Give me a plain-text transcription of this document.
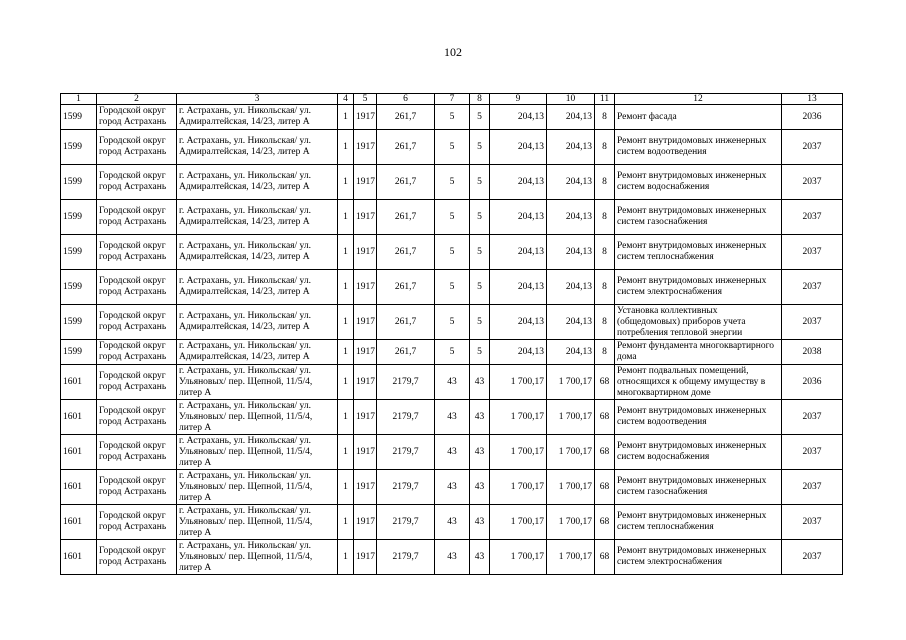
102
1	2	3	4	5	6	7	8	9	10	11	12	13
1599	Городской округ город Астрахань	г. Астрахань, ул. Никольская/ ул. Адмиралтейская, 14/23, литер А	1	1917	261,7	5	5	204,13	204,13	8	Ремонт фасада	2036
1599	Городской округ город Астрахань	г. Астрахань, ул. Никольская/ ул. Адмиралтейская, 14/23, литер А	1	1917	261,7	5	5	204,13	204,13	8	Ремонт внутридомовых инженерных систем водоотведения	2037
1599	Городской округ город Астрахань	г. Астрахань, ул. Никольская/ ул. Адмиралтейская, 14/23, литер А	1	1917	261,7	5	5	204,13	204,13	8	Ремонт внутридомовых инженерных систем водоснабжения	2037
1599	Городской округ город Астрахань	г. Астрахань, ул. Никольская/ ул. Адмиралтейская, 14/23, литер А	1	1917	261,7	5	5	204,13	204,13	8	Ремонт внутридомовых инженерных систем газоснабжения	2037
1599	Городской округ город Астрахань	г. Астрахань, ул. Никольская/ ул. Адмиралтейская, 14/23, литер А	1	1917	261,7	5	5	204,13	204,13	8	Ремонт внутридомовых инженерных систем теплоснабжения	2037
1599	Городской округ город Астрахань	г. Астрахань, ул. Никольская/ ул. Адмиралтейская, 14/23, литер А	1	1917	261,7	5	5	204,13	204,13	8	Ремонт внутридомовых инженерных систем электроснабжения	2037
1599	Городской округ город Астрахань	г. Астрахань, ул. Никольская/ ул. Адмиралтейская, 14/23, литер А	1	1917	261,7	5	5	204,13	204,13	8	Установка коллективных (общедомовых) приборов учета потребления тепловой энергии	2037
1599	Городской округ город Астрахань	г. Астрахань, ул. Никольская/ ул. Адмиралтейская, 14/23, литер А	1	1917	261,7	5	5	204,13	204,13	8	Ремонт фундамента многоквартирного дома	2038
1601	Городской округ город Астрахань	г. Астрахань, ул. Никольская/ ул. Ульяновых/ пер. Щепной, 11/5/4, литер А	1	1917	2179,7	43	43	1 700,17	1 700,17	68	Ремонт подвальных помещений, относящихся к общему имуществу в многоквартирном доме	2036
1601	Городской округ город Астрахань	г. Астрахань, ул. Никольская/ ул. Ульяновых/ пер. Щепной, 11/5/4, литер А	1	1917	2179,7	43	43	1 700,17	1 700,17	68	Ремонт внутридомовых инженерных систем водоотведения	2037
1601	Городской округ город Астрахань	г. Астрахань, ул. Никольская/ ул. Ульяновых/ пер. Щепной, 11/5/4, литер А	1	1917	2179,7	43	43	1 700,17	1 700,17	68	Ремонт внутридомовых инженерных систем водоснабжения	2037
1601	Городской округ город Астрахань	г. Астрахань, ул. Никольская/ ул. Ульяновых/ пер. Щепной, 11/5/4, литер А	1	1917	2179,7	43	43	1 700,17	1 700,17	68	Ремонт внутридомовых инженерных систем газоснабжения	2037
1601	Городской округ город Астрахань	г. Астрахань, ул. Никольская/ ул. Ульяновых/ пер. Щепной, 11/5/4, литер А	1	1917	2179,7	43	43	1 700,17	1 700,17	68	Ремонт внутридомовых инженерных систем теплоснабжения	2037
1601	Городской округ город Астрахань	г. Астрахань, ул. Никольская/ ул. Ульяновых/ пер. Щепной, 11/5/4, литер А	1	1917	2179,7	43	43	1 700,17	1 700,17	68	Ремонт внутридомовых инженерных систем электроснабжения	2037
